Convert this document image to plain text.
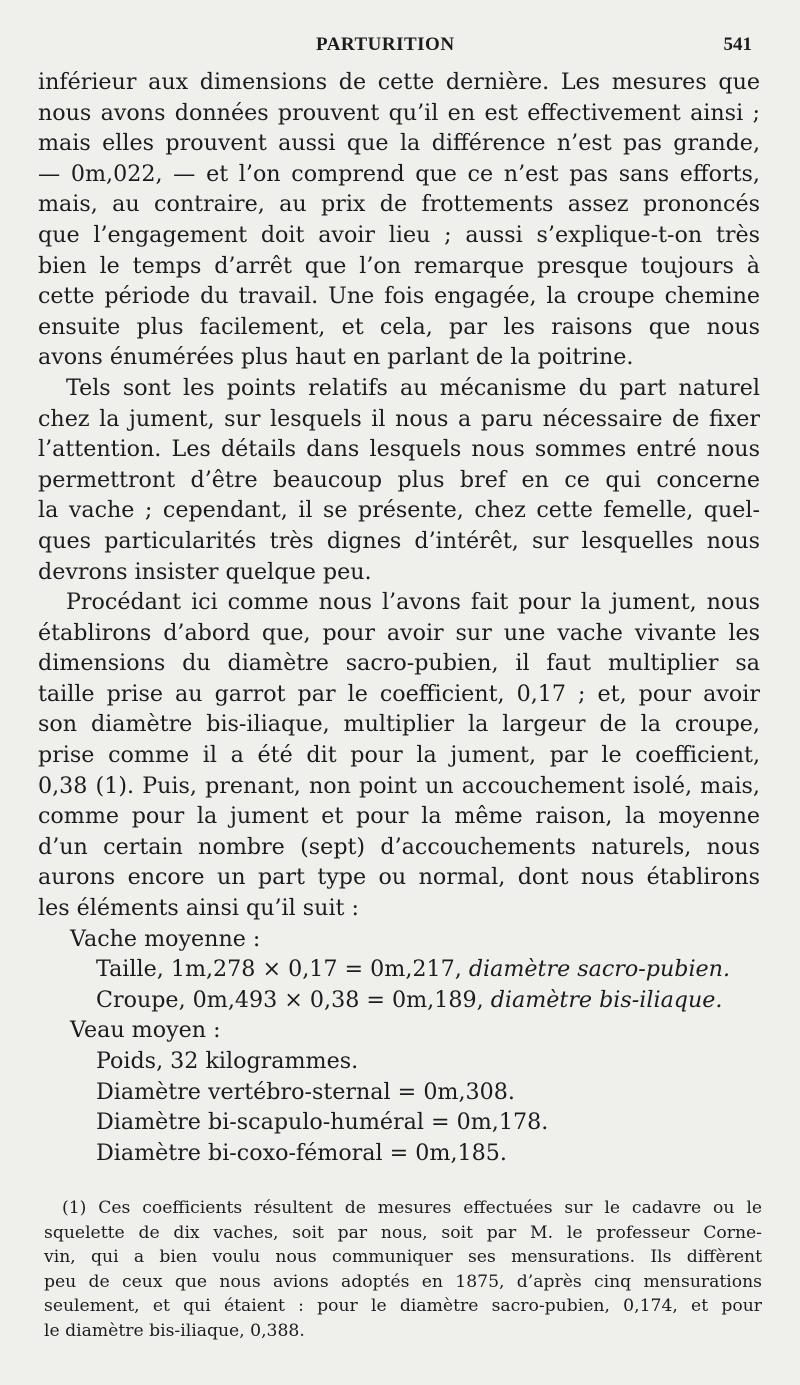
PARTURITION	541
inférieur aux dimensions de cette dernière. Les mesures que
nous avons données prouvent qu’il en est effectivement ainsi ;
mais elles prouvent aussi que la différence n’est pas grande,
— 0m,022, — et l’on comprend que ce n’est pas sans efforts,
mais, au contraire, au prix de frottements assez prononcés
que l’engagement doit avoir lieu ; aussi s’explique-t-on très
bien le temps d’arrêt que l’on remarque presque toujours à
cette période du travail. Une fois engagée, la croupe chemine
ensuite plus facilement, et cela, par les raisons que nous
avons énumérées plus haut en parlant de la poitrine.
Tels sont les points relatifs au mécanisme du part naturel
chez la jument, sur lesquels il nous a paru nécessaire de fixer
l’attention. Les détails dans lesquels nous sommes entré nous
permettront d’être beaucoup plus bref en ce qui concerne
la vache ; cependant, il se présente, chez cette femelle, quel-
ques particularités très dignes d’intérêt, sur lesquelles nous
devrons insister quelque peu.
Procédant ici comme nous l’avons fait pour la jument, nous
établirons d’abord que, pour avoir sur une vache vivante les
dimensions du diamètre sacro-pubien, il faut multiplier sa
taille prise au garrot par le coefficient, 0,17 ; et, pour avoir
son diamètre bis-iliaque, multiplier la largeur de la croupe,
prise comme il a été dit pour la jument, par le coefficient,
0,38 (1). Puis, prenant, non point un accouchement isolé, mais,
comme pour la jument et pour la même raison, la moyenne
d’un certain nombre (sept) d’accouchements naturels, nous
aurons encore un part type ou normal, dont nous établirons
les éléments ainsi qu’il suit :
Vache moyenne :
Taille, 1m,278 × 0,17 = 0m,217, diamètre sacro-pubien.
Croupe, 0m,493 × 0,38 = 0m,189, diamètre bis-iliaque.
Veau moyen :
Poids, 32 kilogrammes.
Diamètre vertébro-sternal = 0m,308.
Diamètre bi-scapulo-huméral = 0m,178.
Diamètre bi-coxo-fémoral = 0m,185.
(1) Ces coefficients résultent de mesures effectuées sur le cadavre ou le
squelette de dix vaches, soit par nous, soit par M. le professeur Corne-
vin, qui a bien voulu nous communiquer ses mensurations. Ils diffèrent
peu de ceux que nous avions adoptés en 1875, d’après cinq mensurations
seulement, et qui étaient : pour le diamètre sacro-pubien, 0,174, et pour
le diamètre bis-iliaque, 0,388.
